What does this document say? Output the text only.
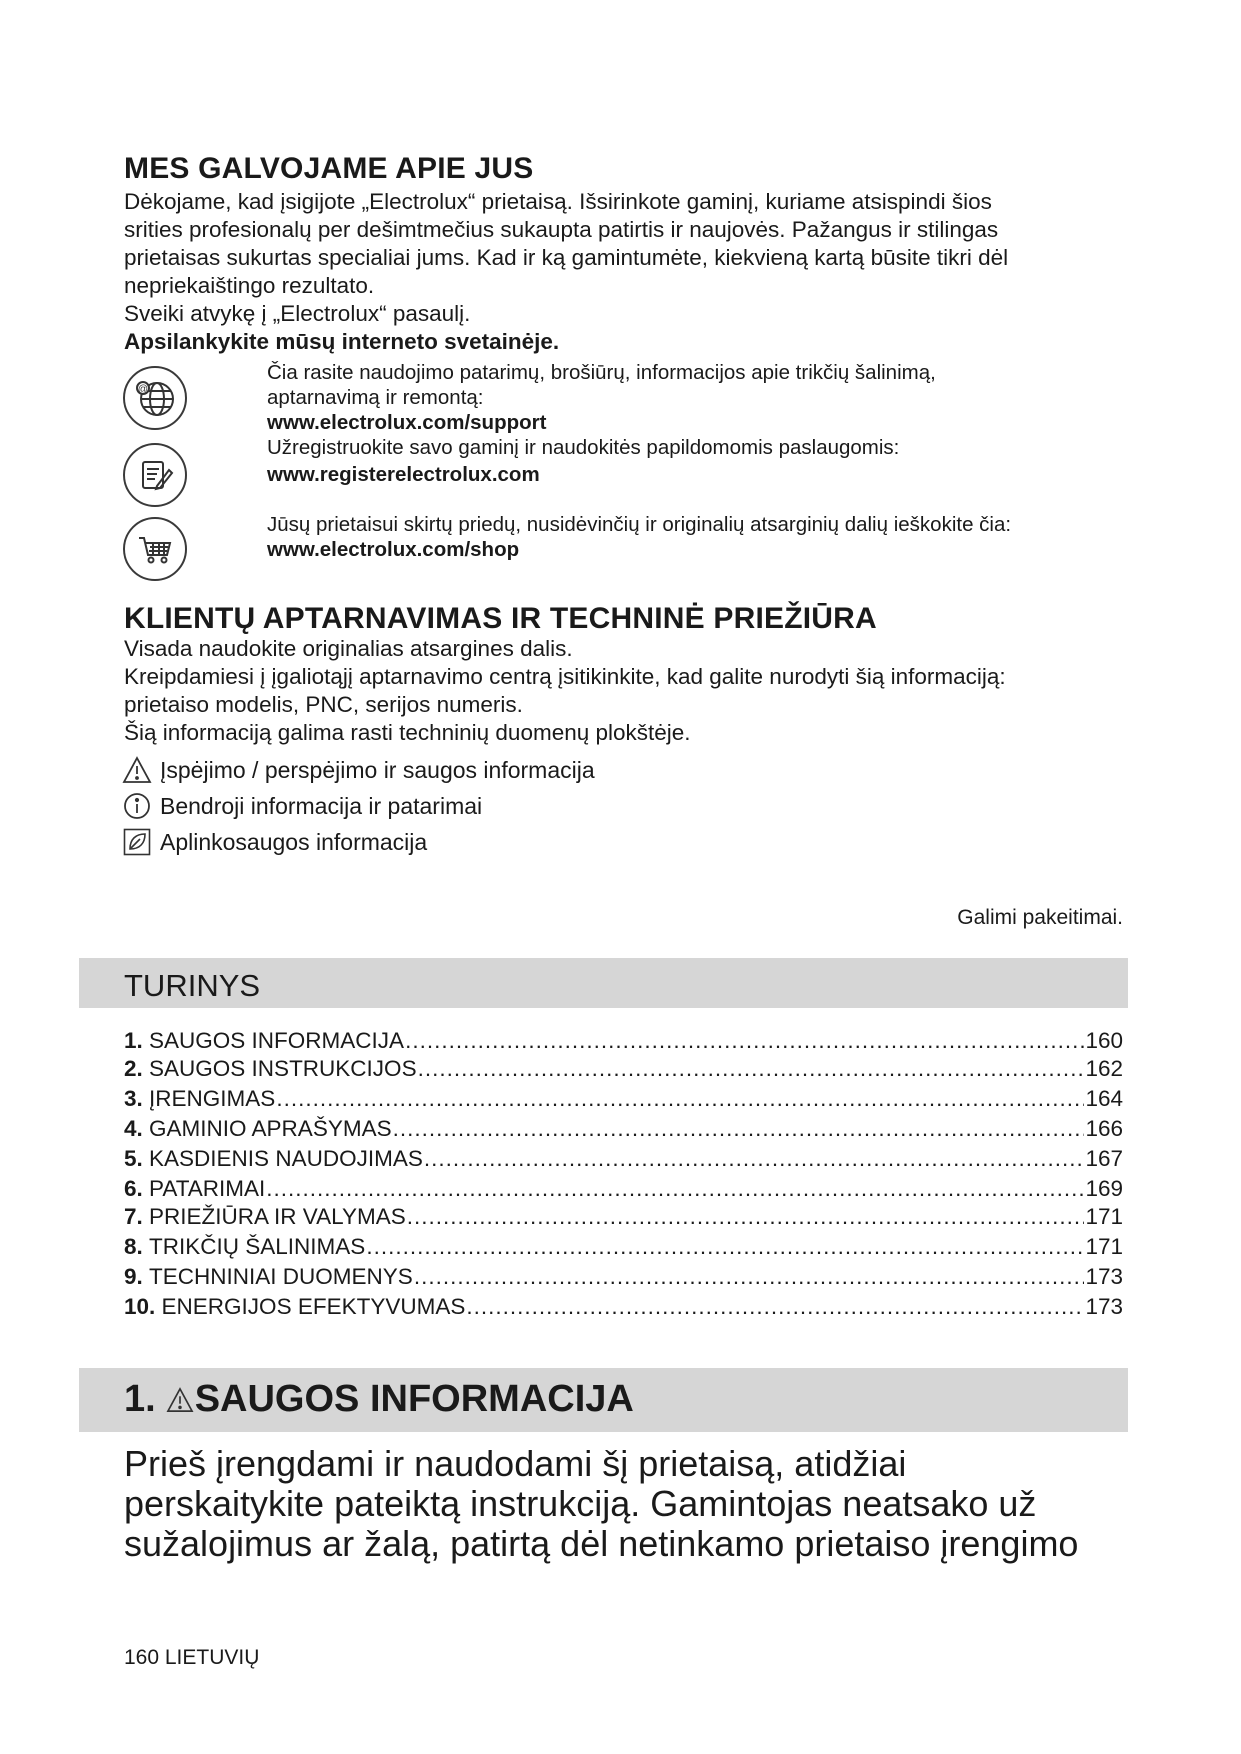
MES GALVOJAME APIE JUS
Dėkojame, kad įsigijote „Electrolux“ prietaisą. Išsirinkote gaminį, kuriame atsispindi šios
srities profesionalų per dešimtmečius sukaupta patirtis ir naujovės. Pažangus ir stilingas
prietaisas sukurtas specialiai jums. Kad ir ką gamintumėte, kiekvieną kartą būsite tikri dėl
nepriekaištingo rezultato.
Sveiki atvykę į „Electrolux“ pasaulį.
Apsilankykite mūsų interneto svetainėje.
@
Čia rasite naudojimo patarimų, brošiūrų, informacijos apie trikčių šalinimą,
aptarnavimą ir remontą:
www.electrolux.com/support
Užregistruokite savo gaminį ir naudokitės papildomomis paslaugomis:
www.registerelectrolux.com
Jūsų prietaisui skirtų priedų, nusidėvinčių ir originalių atsarginių dalių ieškokite čia:
www.electrolux.com/shop
KLIENTŲ APTARNAVIMAS IR TECHNINĖ PRIEŽIŪRA
Visada naudokite originalias atsargines dalis.
Kreipdamiesi į įgaliotąjį aptarnavimo centrą įsitikinkite, kad galite nurodyti šią informaciją:
prietaiso modelis, PNC, serijos numeris.
Šią informaciją galima rasti techninių duomenų plokštėje.
Įspėjimo / perspėjimo ir saugos informacija
Bendroji informacija ir patarimai
Aplinkosaugos informacija
Galimi pakeitimai.
TURINYS
1.
SAUGOS INFORMACIJA .....	160
2.
SAUGOS INSTRUKCIJOS .....	162
3.
ĮRENGIMAS .....	164
4.
GAMINIO APRAŠYMAS .....	166
5.
KASDIENIS NAUDOJIMAS .....	167
6.
PATARIMAI .....	169
7.
PRIEŽIŪRA IR VALYMAS .....	171
8.
TRIKČIŲ ŠALINIMAS .....	171
9.
TECHNINIAI DUOMENYS .....	173
10.
ENERGIJOS EFEKTYVUMAS .....	173
1. SAUGOS INFORMACIJA
Prieš įrengdami ir naudodami šį prietaisą, atidžiai
perskaitykite pateiktą instrukciją. Gamintojas neatsako už
sužalojimus ar žalą, patirtą dėl netinkamo prietaiso įrengimo
160 LIETUVIŲ
